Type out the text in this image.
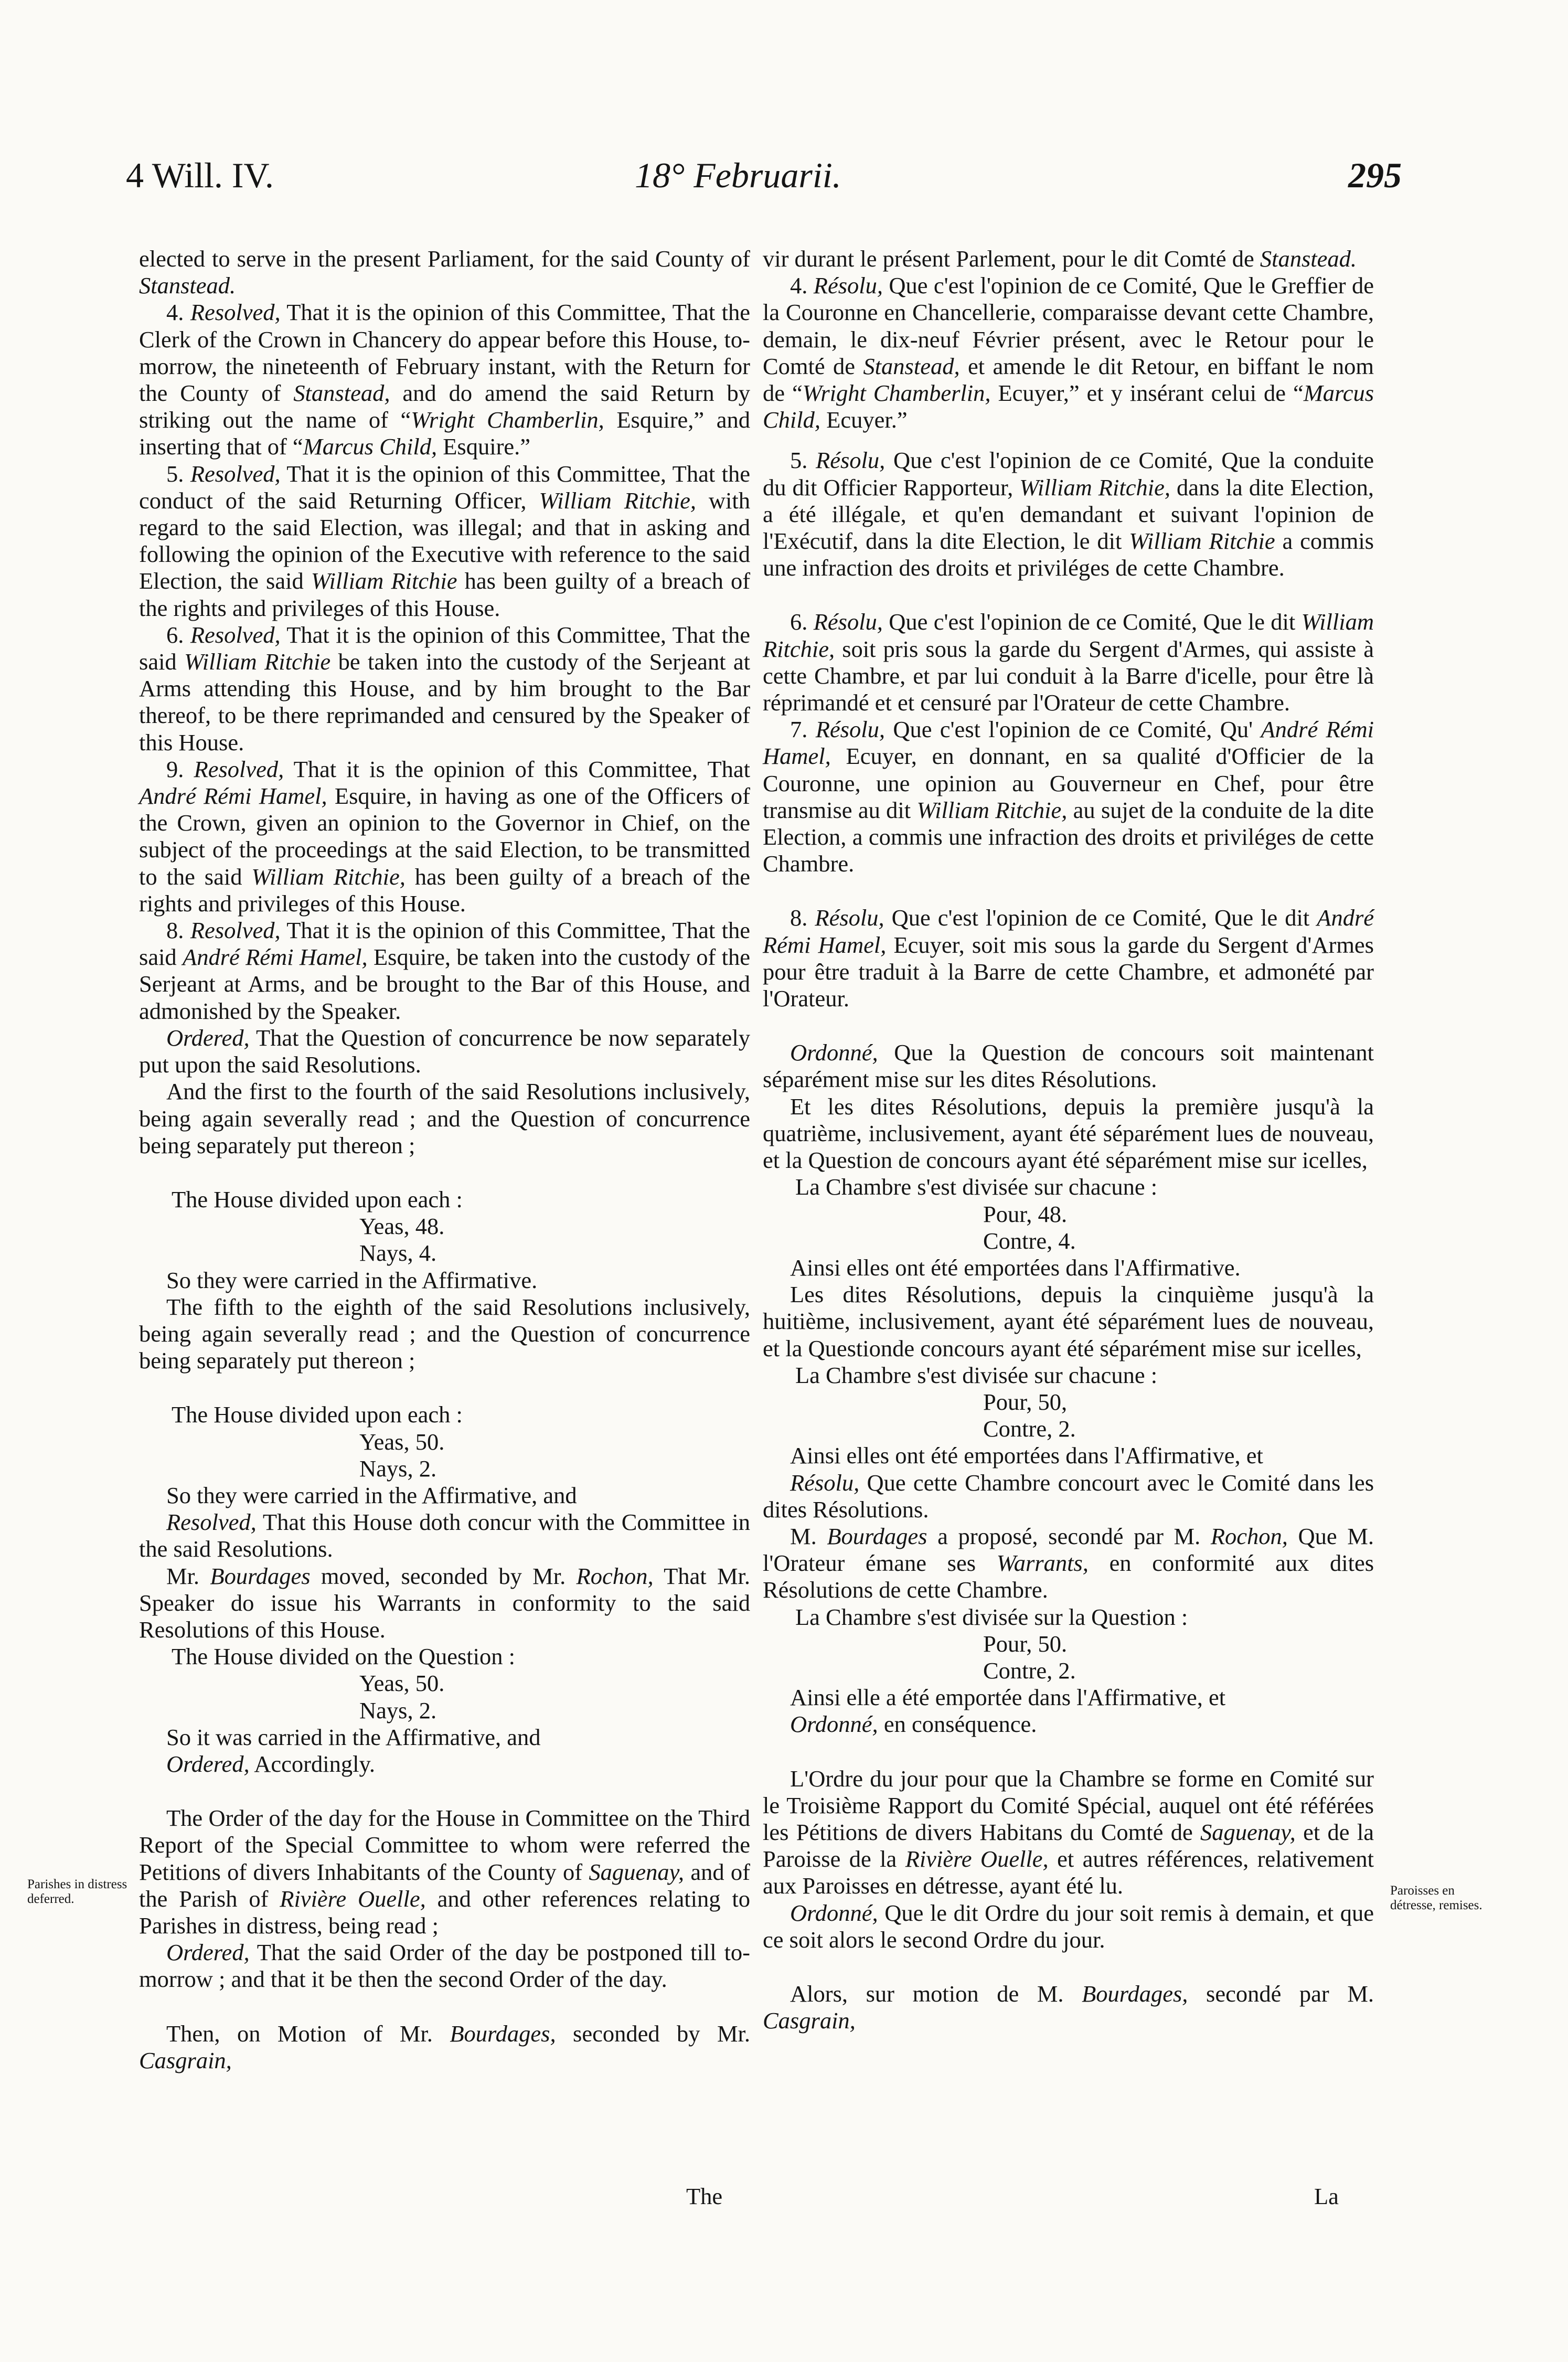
4 Will. IV.	18° Februarii.	295

elected to serve in the present Parliament, for the said County of Stanstead.

4. Resolved, That it is the opinion of this Committee, That the Clerk of the Crown in Chancery do appear before this House, to-morrow, the nineteenth of February instant, with the Return for the County of Stanstead, and do amend the said Return by striking out the name of “Wright Chamberlin, Esquire,” and inserting that of “Marcus Child, Esquire.”

5. Resolved, That it is the opinion of this Committee, That the conduct of the said Returning Officer, William Ritchie, with regard to the said Election, was illegal; and that in asking and following the opinion of the Executive with reference to the said Election, the said William Ritchie has been guilty of a breach of the rights and privileges of this House.

6. Resolved, That it is the opinion of this Committee, That the said William Ritchie be taken into the custody of the Serjeant at Arms attending this House, and by him brought to the Bar thereof, to be there reprimanded and censured by the Speaker of this House.

9. Resolved, That it is the opinion of this Committee, That André Rémi Hamel, Esquire, in having as one of the Officers of the Crown, given an opinion to the Governor in Chief, on the subject of the proceedings at the said Election, to be transmitted to the said William Ritchie, has been guilty of a breach of the rights and privileges of this House.

8. Resolved, That it is the opinion of this Committee, That the said André Rémi Hamel, Esquire, be taken into the custody of the Serjeant at Arms, and be brought to the Bar of this House, and admonished by the Speaker.

Ordered, That the Question of concurrence be now separately put upon the said Resolutions.

And the first to the fourth of the said Resolutions inclusively, being again severally read ; and the Question of concurrence being separately put thereon ;

The House divided upon each :

Yeas, 48.

Nays, 4.

So they were carried in the Affirmative.

The fifth to the eighth of the said Resolutions inclusively, being again severally read ; and the Question of concurrence being separately put thereon ;

The House divided upon each :

Yeas, 50.

Nays, 2.

So they were carried in the Affirmative, and

Resolved, That this House doth concur with the Committee in the said Resolutions.

Mr. Bourdages moved, seconded by Mr. Rochon, That Mr. Speaker do issue his Warrants in conformity to the said Resolutions of this House.

The House divided on the Question :

Yeas, 50.

Nays, 2.

So it was carried in the Affirmative, and

Ordered, Accordingly.

The Order of the day for the House in Committee on the Third Report of the Special Committee to whom were referred the Petitions of divers Inhabitants of the County of Saguenay, and of the Parish of Rivière Ouelle, and other references relating to Parishes in distress, being read ;

Ordered, That the said Order of the day be postponed till to-morrow ; and that it be then the second Order of the day.

Then, on Motion of Mr. Bourdages, seconded by Mr. Casgrain,

vir durant le présent Parlement, pour le dit Comté de Stanstead.

4. Résolu, Que c'est l'opinion de ce Comité, Que le Greffier de la Couronne en Chancellerie, comparaisse devant cette Chambre, demain, le dix-neuf Février présent, avec le Retour pour le Comté de Stanstead, et amende le dit Retour, en biffant le nom de “Wright Chamberlin, Ecuyer,” et y insérant celui de “Marcus Child, Ecuyer.”

5. Résolu, Que c'est l'opinion de ce Comité, Que la conduite du dit Officier Rapporteur, William Ritchie, dans la dite Election, a été illégale, et qu'en demandant et suivant l'opinion de l'Exécutif, dans la dite Election, le dit William Ritchie a commis une infraction des droits et priviléges de cette Chambre.

6. Résolu, Que c'est l'opinion de ce Comité, Que le dit William Ritchie, soit pris sous la garde du Sergent d'Armes, qui assiste à cette Chambre, et par lui conduit à la Barre d'icelle, pour être là réprimandé et et censuré par l'Orateur de cette Chambre.

7. Résolu, Que c'est l'opinion de ce Comité, Qu' André Rémi Hamel, Ecuyer, en donnant, en sa qualité d'Officier de la Couronne, une opinion au Gouverneur en Chef, pour être transmise au dit William Ritchie, au sujet de la conduite de la dite Election, a commis une infraction des droits et priviléges de cette Chambre.

8. Résolu, Que c'est l'opinion de ce Comité, Que le dit André Rémi Hamel, Ecuyer, soit mis sous la garde du Sergent d'Armes pour être traduit à la Barre de cette Chambre, et admonété par l'Orateur.

Ordonné, Que la Question de concours soit maintenant séparément mise sur les dites Résolutions.

Et les dites Résolutions, depuis la première jusqu'à la quatrième, inclusivement, ayant été séparément lues de nouveau, et la Question de concours ayant été séparément mise sur icelles,

La Chambre s'est divisée sur chacune :

Pour, 48.

Contre, 4.

Ainsi elles ont été emportées dans l'Affirmative.

Les dites Résolutions, depuis la cinquième jusqu'à la huitième, inclusivement, ayant été séparément lues de nouveau, et la Questionde concours ayant été séparément mise sur icelles,

La Chambre s'est divisée sur chacune :

Pour, 50,

Contre, 2.

Ainsi elles ont été emportées dans l'Affirmative, et

Résolu, Que cette Chambre concourt avec le Comité dans les dites Résolutions.

M. Bourdages a proposé, secondé par M. Rochon, Que M. l'Orateur émane ses Warrants, en conformité aux dites Résolutions de cette Chambre.

La Chambre s'est divisée sur la Question :

Pour, 50.

Contre, 2.

Ainsi elle a été emportée dans l'Affirmative, et

Ordonné, en conséquence.

L'Ordre du jour pour que la Chambre se forme en Comité sur le Troisième Rapport du Comité Spécial, auquel ont été référées les Pétitions de divers Habitans du Comté de Saguenay, et de la Paroisse de la Rivière Ouelle, et autres références, relativement aux Paroisses en détresse, ayant été lu.

Ordonné, Que le dit Ordre du jour soit remis à demain, et que ce soit alors le second Ordre du jour.

Alors, sur motion de M. Bourdages, secondé par M. Casgrain,

Parishes in distress deferred.
Paroisses en détresse, remises.
The	La
